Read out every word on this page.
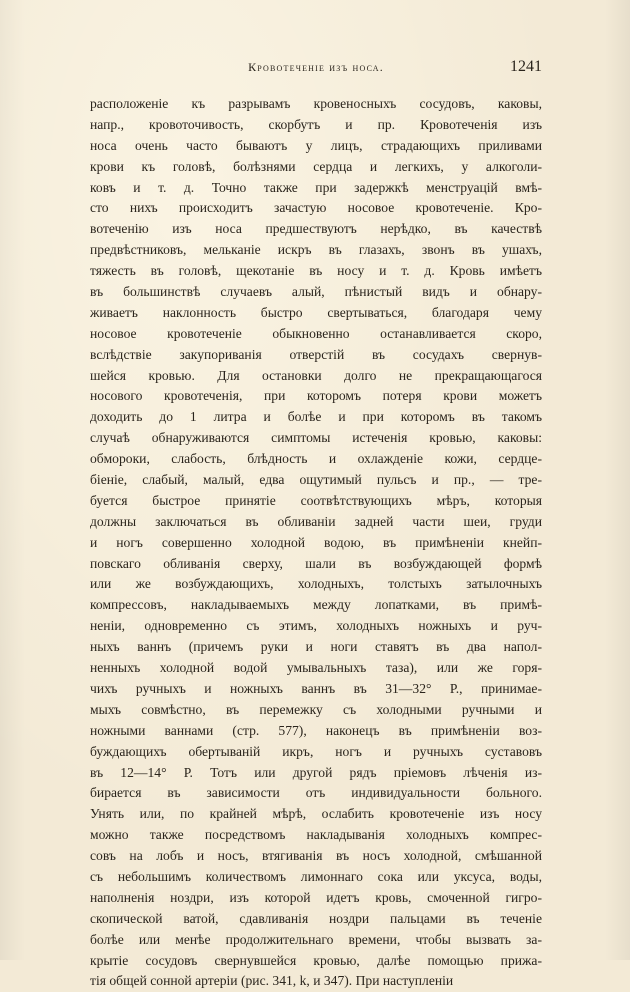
Кровотеченіе изъ носа.	1241
расположеніе къ разрывамъ кровеносныхъ сосудовъ, каковы,
напр., кровоточивость, скорбутъ и пр. Кровотеченія изъ
носа очень часто бываютъ у лицъ, страдающихъ приливами
крови къ головѣ, болѣзнями сердца и легкихъ, у алкоголи-
ковъ и т. д. Точно также при задержкѣ менструацій вмѣ-
сто нихъ происходитъ зачастую носовое кровотеченіе. Кро-
вотеченію изъ носа предшествуютъ нерѣдко, въ качествѣ
предвѣстниковъ, мельканіе искръ въ глазахъ, звонъ въ ушахъ,
тяжесть въ головѣ, щекотаніе въ носу и т. д. Кровь имѣетъ
въ большинствѣ случаевъ алый, пѣнистый видъ и обнару-
живаетъ наклонность быстро свертываться, благодаря чему
носовое кровотеченіе обыкновенно останавливается скоро,
вслѣдствіе закупориванія отверстій въ сосудахъ свернув-
шейся кровью. Для остановки долго не прекращающагося
носового кровотеченія, при которомъ потеря крови можетъ
доходить до 1 литра и болѣе и при которомъ въ такомъ
случаѣ обнаруживаются симптомы истеченія кровью, каковы:
обмороки, слабость, блѣдность и охлажденіе кожи, сердце-
біеніе, слабый, малый, едва ощутимый пульсъ и пр., — тре-
буется быстрое принятіе соотвѣтствующихъ мѣръ, которыя
должны заключаться въ обливаніи задней части шеи, груди
и ногъ совершенно холодной водою, въ примѣненіи кнейп-
повскаго обливанія сверху, шали въ возбуждающей формѣ
или же возбуждающихъ, холодныхъ, толстыхъ затылочныхъ
компрессовъ, накладываемыхъ между лопатками, въ примѣ-
неніи, одновременно съ этимъ, холодныхъ ножныхъ и руч-
ныхъ ваннъ (причемъ руки и ноги ставятъ въ два напол-
ненныхъ холодной водой умывальныхъ таза), или же горя-
чихъ ручныхъ и ножныхъ ваннъ въ 31—32° Р., принимае-
мыхъ совмѣстно, въ перемежку съ холодными ручными и
ножными ваннами (стр. 577), наконецъ въ примѣненіи воз-
буждающихъ обертываній икръ, ногъ и ручныхъ суставовъ
въ 12—14° Р. Тотъ или другой рядъ пріемовъ лѣченія из-
бирается въ зависимости отъ индивидуальности больного.
Унять или, по крайней мѣрѣ, ослабить кровотеченіе изъ носу
можно также посредствомъ накладыванія холодныхъ компрес-
совъ на лобъ и носъ, втягиванія въ носъ холодной, смѣшанной
съ небольшимъ количествомъ лимоннаго сока или уксуса, воды,
наполненія ноздри, изъ которой идетъ кровь, смоченной гигро-
скопической ватой, сдавливанія ноздри пальцами въ теченіе
болѣе или менѣе продолжительнаго времени, чтобы вызвать за-
крытіе сосудовъ свернувшейся кровью, далѣе помощью прижа-
тія общей сонной артеріи (рис. 341, k, и 347). При наступленіи
